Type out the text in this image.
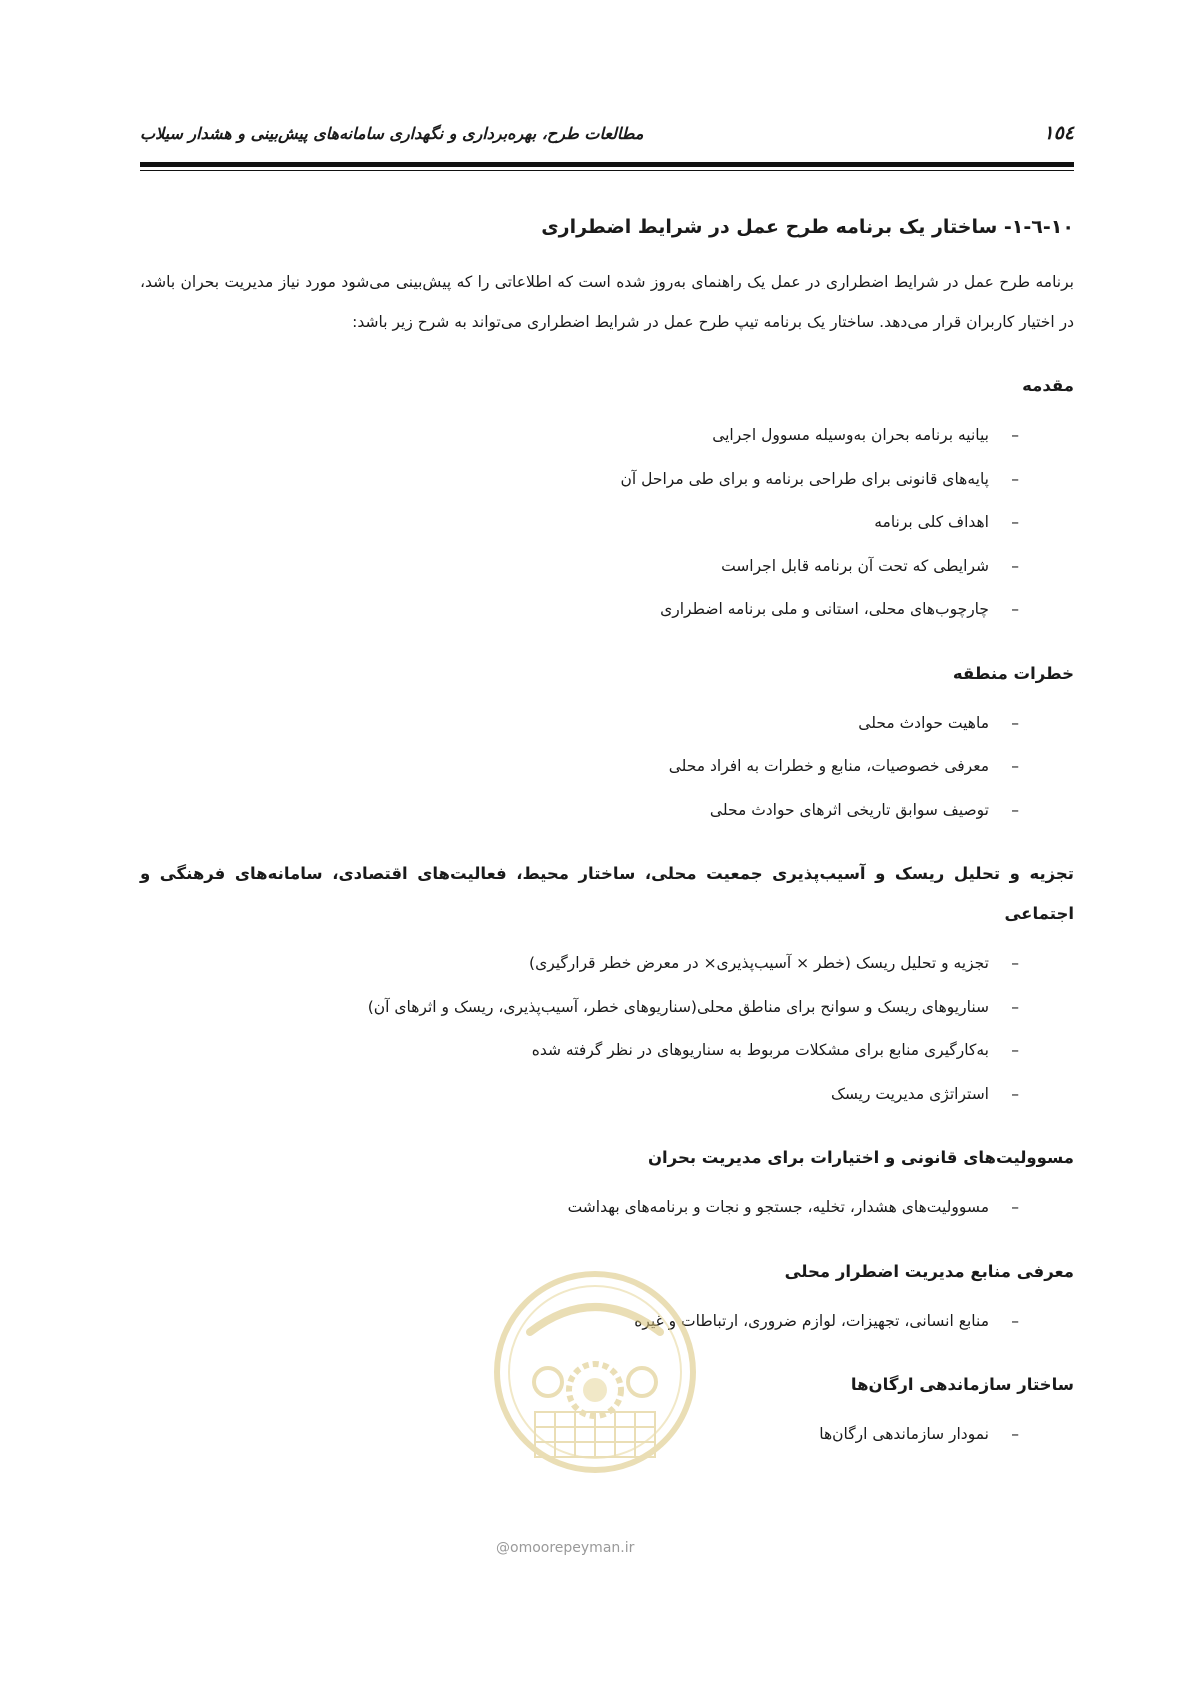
١٥٤
مطالعات طرح، بهره‌برداری و نگهداری سامانه‌های پیش‌بینی و هشدار سیلاب
١٠-٦-١- ساختار یک برنامه طرح عمل در شرایط اضطراری

برنامه طرح عمل در شرایط اضطراری در عمل یک راهنمای به‌روز شده است که اطلاعاتی را که پیش‌بینی می‌شود مورد نیاز مدیریت بحران باشد، در اختیار کاربران قرار می‌دهد. ساختار یک برنامه تیپ طرح عمل در شرایط اضطراری می‌تواند به شرح زیر باشد:

مقدمه
–
بیانیه برنامه بحران به‌وسیله مسوول اجرایی
–
پایه‌های قانونی برای طراحی برنامه و برای طی مراحل آن
–
اهداف کلی برنامه
–
شرایطی که تحت آن برنامه قابل اجراست
–
چارچوب‌های محلی، استانی و ملی برنامه اضطراری
خطرات منطقه
–
ماهیت حوادث محلی
–
معرفی خصوصیات، منابع و خطرات به افراد محلی
–
توصیف سوابق تاریخی اثرهای حوادث محلی
تجزیه و تحلیل ریسک و آسیب‌پذیری جمعیت محلی، ساختار محیط، فعالیت‌های اقتصادی، سامانه‌های فرهنگی و اجتماعی
–
تجزیه و تحلیل ریسک (خطر × آسیب‌پذیری× در معرض خطر قرارگیری)
–
سناریوهای ریسک و سوانح برای مناطق محلی(سناریوهای خطر، آسیب‌پذیری، ریسک و اثرهای آن)
–
به‌کارگیری منابع برای مشکلات مربوط به سناریوهای در نظر گرفته شده
–
استراتژی مدیریت ریسک
مسوولیت‌های قانونی و اختیارات برای مدیریت بحران
–
مسوولیت‌های هشدار، تخلیه، جستجو و نجات و برنامه‌های بهداشت
معرفی منابع مدیریت اضطرار محلی
–
منابع انسانی، تجهیزات، لوازم ضروری، ارتباطات و غیره
ساختار سازماندهی ارگان‌ها
–
نمودار سازماندهی ارگان‌ها
@omoorepeyman.ir
